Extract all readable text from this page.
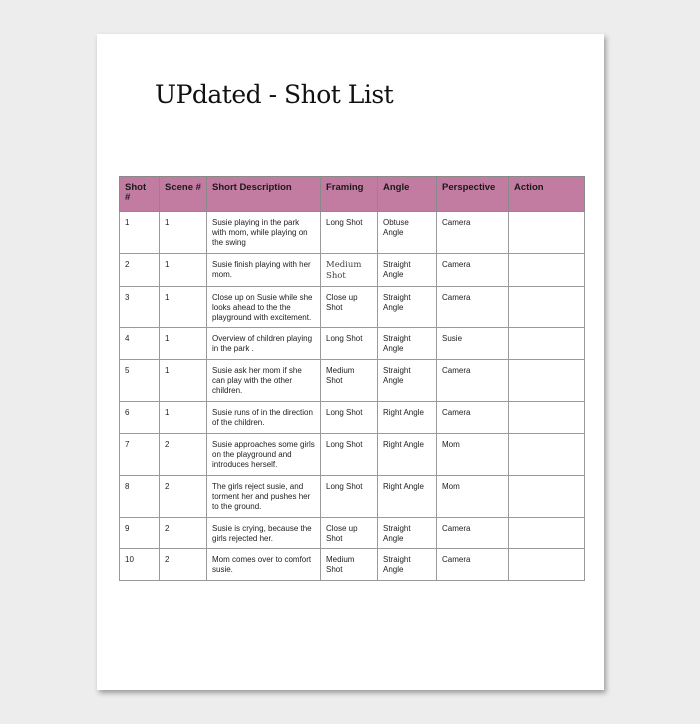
UPdated - Shot List
Shot #	Scene #	Short Description	Framing	Angle	Perspective	Action
1	1	Susie playing in the park with mom, while playing on the swing	Long Shot	Obtuse Angle	Camera	
2	1	Susie finish playing with her mom.	Medium Shot	Straight Angle	Camera	
3	1	Close up on Susie while she looks ahead to the the playground with excitement.	Close up Shot	Straight Angle	Camera	
4	1	Overview of children playing in the park .	Long Shot	Straight Angle	Susie	
5	1	Susie ask her mom if she can play with the other children.	Medium Shot	Straight Angle	Camera	
6	1	Susie runs of in the direction of the children.	Long Shot	Right Angle	Camera	
7	2	Susie approaches some girls on the playground and introduces herself.	Long Shot	Right Angle	Mom	
8	2	The girls reject susie, and torment her and pushes her to the ground.	Long Shot	Right Angle	Mom	
9	2	Susie is crying, because the girls rejected her.	Close up Shot	Straight Angle	Camera	
10	2	Mom comes over to comfort susie.	Medium Shot	Straight Angle	Camera	
